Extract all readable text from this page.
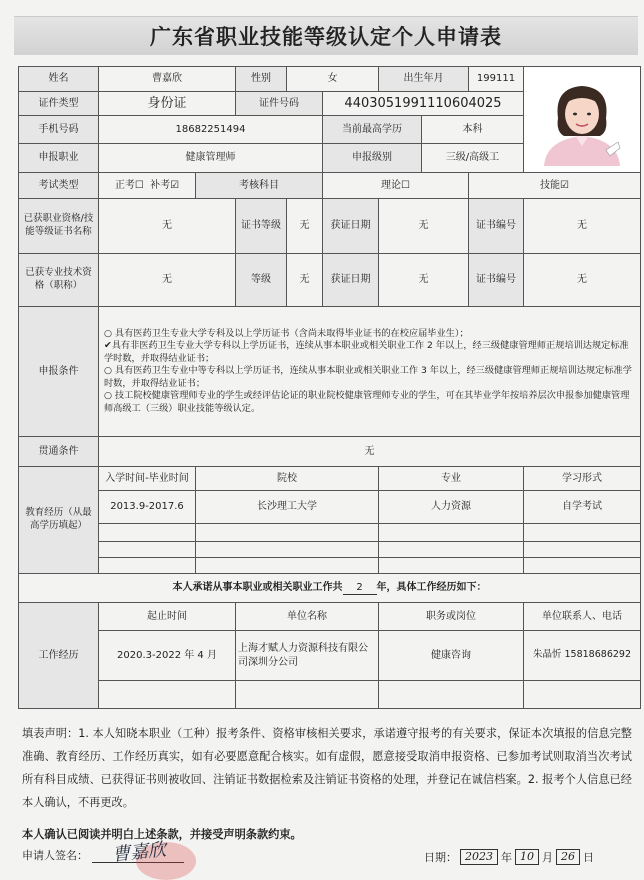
广东省职业技能等级认定个人申请表
姓名	曹嘉欣		性别	女		出生年月		199111	

证件类型	身份证		证件号码		440305199111060402​5				
手机号码	18682251494				当前最高学历		本科		
申报职业	健康管理师				申报级别		三级/高级工		
考试类型	正考☐ 补考☑	考核科目			理论☐			技能☑	
已获职业资格/技能等级证书名称	无		证书等级	无	获证日期	无		证书编号	无
已获专业技术资格（职称）	无		等级	无	获证日期	无		证书编号	无
申报条件	○ 具有医药卫生专业大学专科及以上学历证书（含尚未取得毕业证书的在校应届毕业生）；
✔具有非医药卫生专业大学专科以上学历证书，连续从事本职业或相关职业工作 2 年以上，经三级健康管理师正规培训达规定标准学时数，并取得结业证书；
○ 具有医药卫生专业中等专科以上学历证书，连续从事本职业或相关职业工作 3 年以上，经三级健康管理师正规培训达规定标准学时数，并取得结业证书；
○ 技工院校健康管理师专业的学生或经评估论证的职业院校健康管理师专业的学生，可在其毕业学年按培养层次申报参加健康管理师高级工（三级）职业技能等级认定。								

贯通条件	无								
教育经历（从最高学历填起）	入学时间-毕业时间	院校				专业			学习形式
	2013.9-2017.6	长沙理工大学				人力资源			自学考试

本人承诺从事本职业或相关职业工作共 2 年，具体工作经历如下：									
工作经历	起止时间		单位名称			职务或岗位			单位联系人、电话
	2020.3-2022 年 4 月		上海才赋人力资源科技有限公司深圳分公司			健康咨询			朱晶忻 15818686292

填表声明：1. 本人知晓本职业（工种）报考条件、资格审核相关要求，承诺遵守报考的有关要求，保证本次填报的信息完整准确、教育经历、工作经历真实，如有必要愿意配合核实。如有虚假，愿意接受取消申报资格、已参加考试则取消当次考试所有科目成绩、已获得证书则被收回、注销证书数据检索及注销证书资格的处理，并登记在诚信档案。2. 报考个人信息已经本人确认，不再更改。
本人确认已阅读并明白上述条款，并接受声明条款约束。
申请人签名：	曹嘉欣	日期： 2023 年 10 月 26 日
